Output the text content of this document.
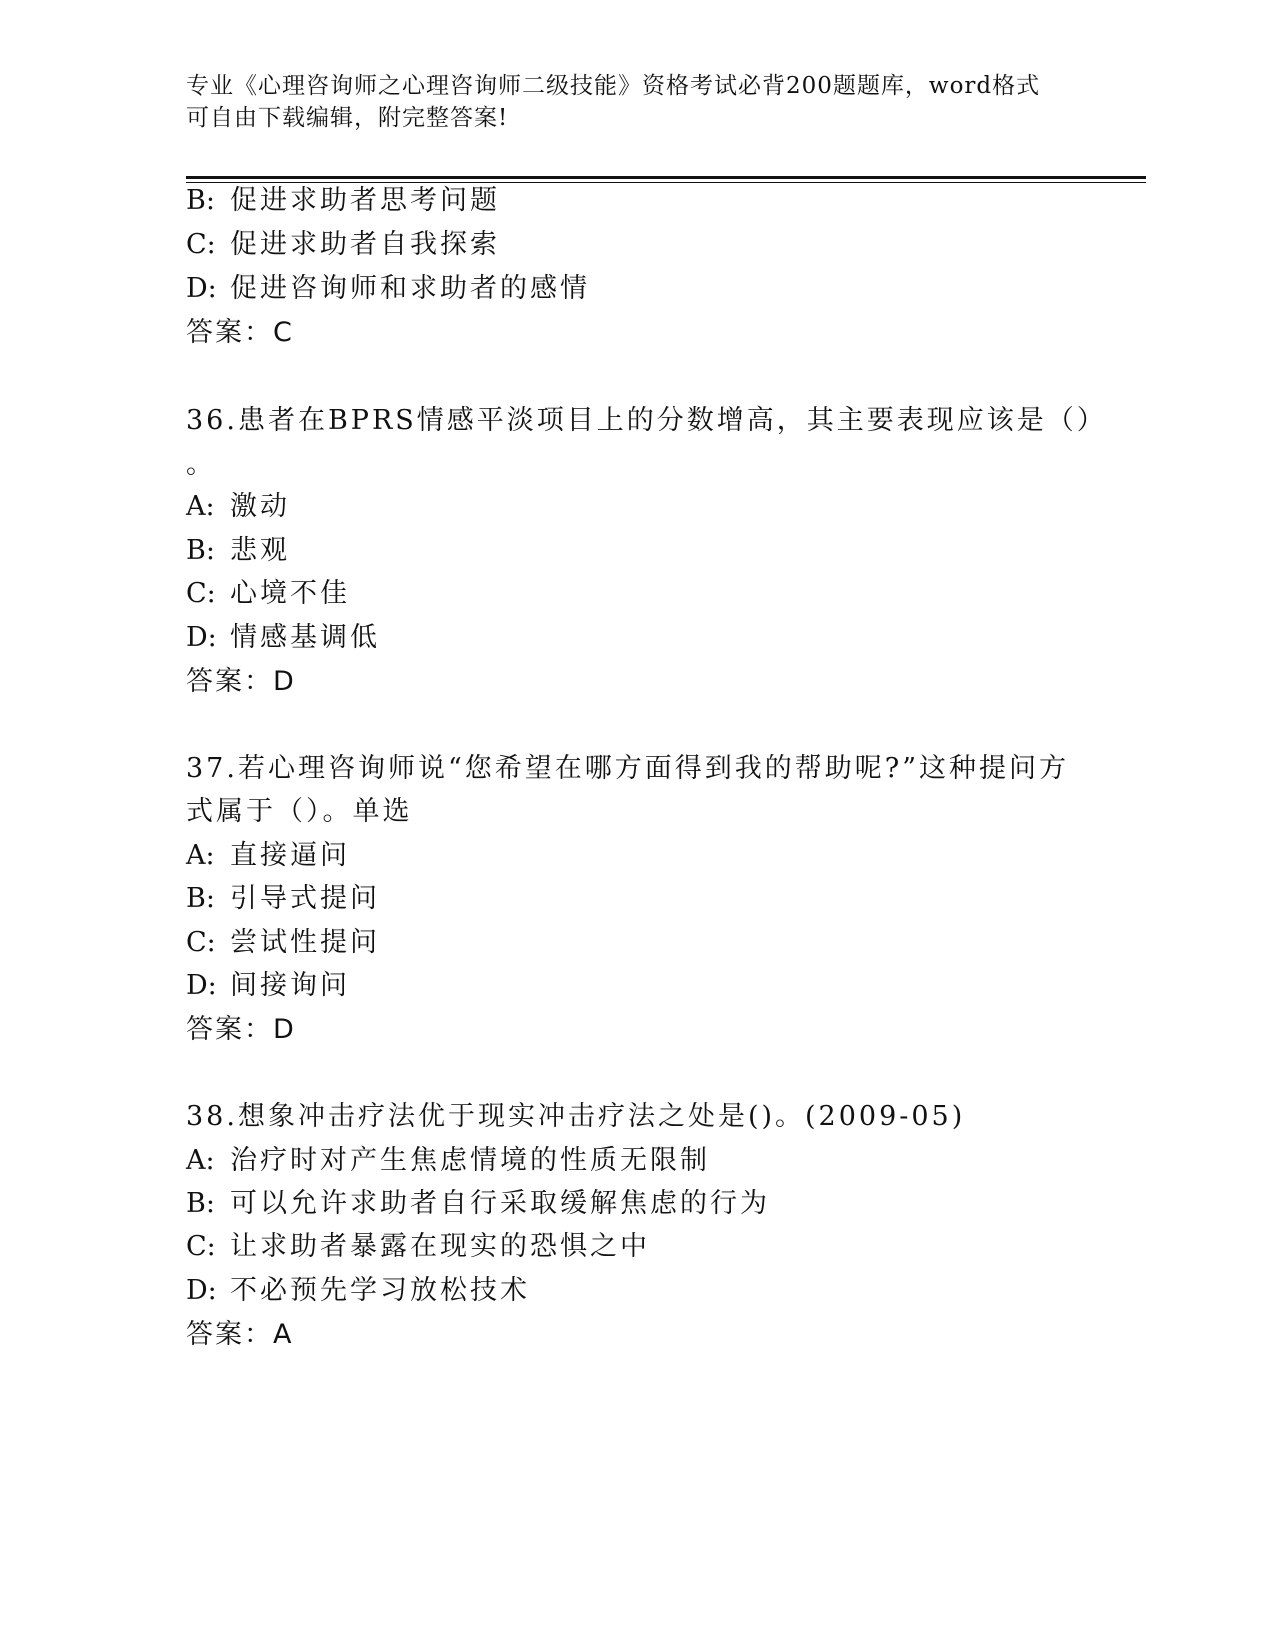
专业《心理咨询师之心理咨询师二级技能》资格考试必背200题题库，word格式
可自由下载编辑，附完整答案!
B: 促进求助者思考问题
C: 促进求助者自我探索
D: 促进咨询师和求助者的感情
答案：C
36.患者在BPRS情感平淡项目上的分数增高，其主要表现应该是（）
。
A: 激动
B: 悲观
C: 心境不佳
D: 情感基调低
答案：D
37.若心理咨询师说“您希望在哪方面得到我的帮助呢?”这种提问方
式属于（）。单选
A: 直接逼问
B: 引导式提问
C: 尝试性提问
D: 间接询问
答案：D
38.想象冲击疗法优于现实冲击疗法之处是()。(2009-05)
A: 治疗时对产生焦虑情境的性质无限制
B: 可以允许求助者自行采取缓解焦虑的行为
C: 让求助者暴露在现实的恐惧之中
D: 不必预先学习放松技术
答案：A
